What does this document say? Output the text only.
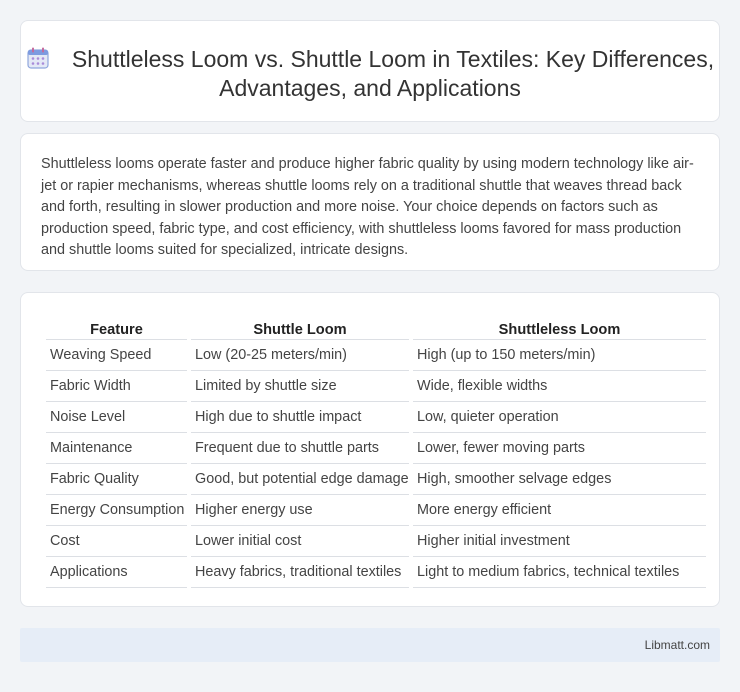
Shuttleless Loom vs. Shuttle Loom in Textiles: Key Differences, Advantages, and Applications

Shuttleless looms operate faster and produce higher fabric quality by using modern technology like air-jet or rapier mechanisms, whereas shuttle looms rely on a traditional shuttle that weaves thread back and forth, resulting in slower production and more noise. Your choice depends on factors such as production speed, fabric type, and cost efficiency, with shuttleless looms favored for mass production and shuttle looms suited for specialized, intricate designs.

Feature	Shuttle Loom	Shuttleless Loom
Weaving Speed	Low (20-25 meters/min)	High (up to 150 meters/min)
Fabric Width	Limited by shuttle size	Wide, flexible widths
Noise Level	High due to shuttle impact	Low, quieter operation
Maintenance	Frequent due to shuttle parts	Lower, fewer moving parts
Fabric Quality	Good, but potential edge damage	High, smoother selvage edges
Energy Consumption	Higher energy use	More energy efficient
Cost	Lower initial cost	Higher initial investment
Applications	Heavy fabrics, traditional textiles	Light to medium fabrics, technical textiles
Libmatt.com
